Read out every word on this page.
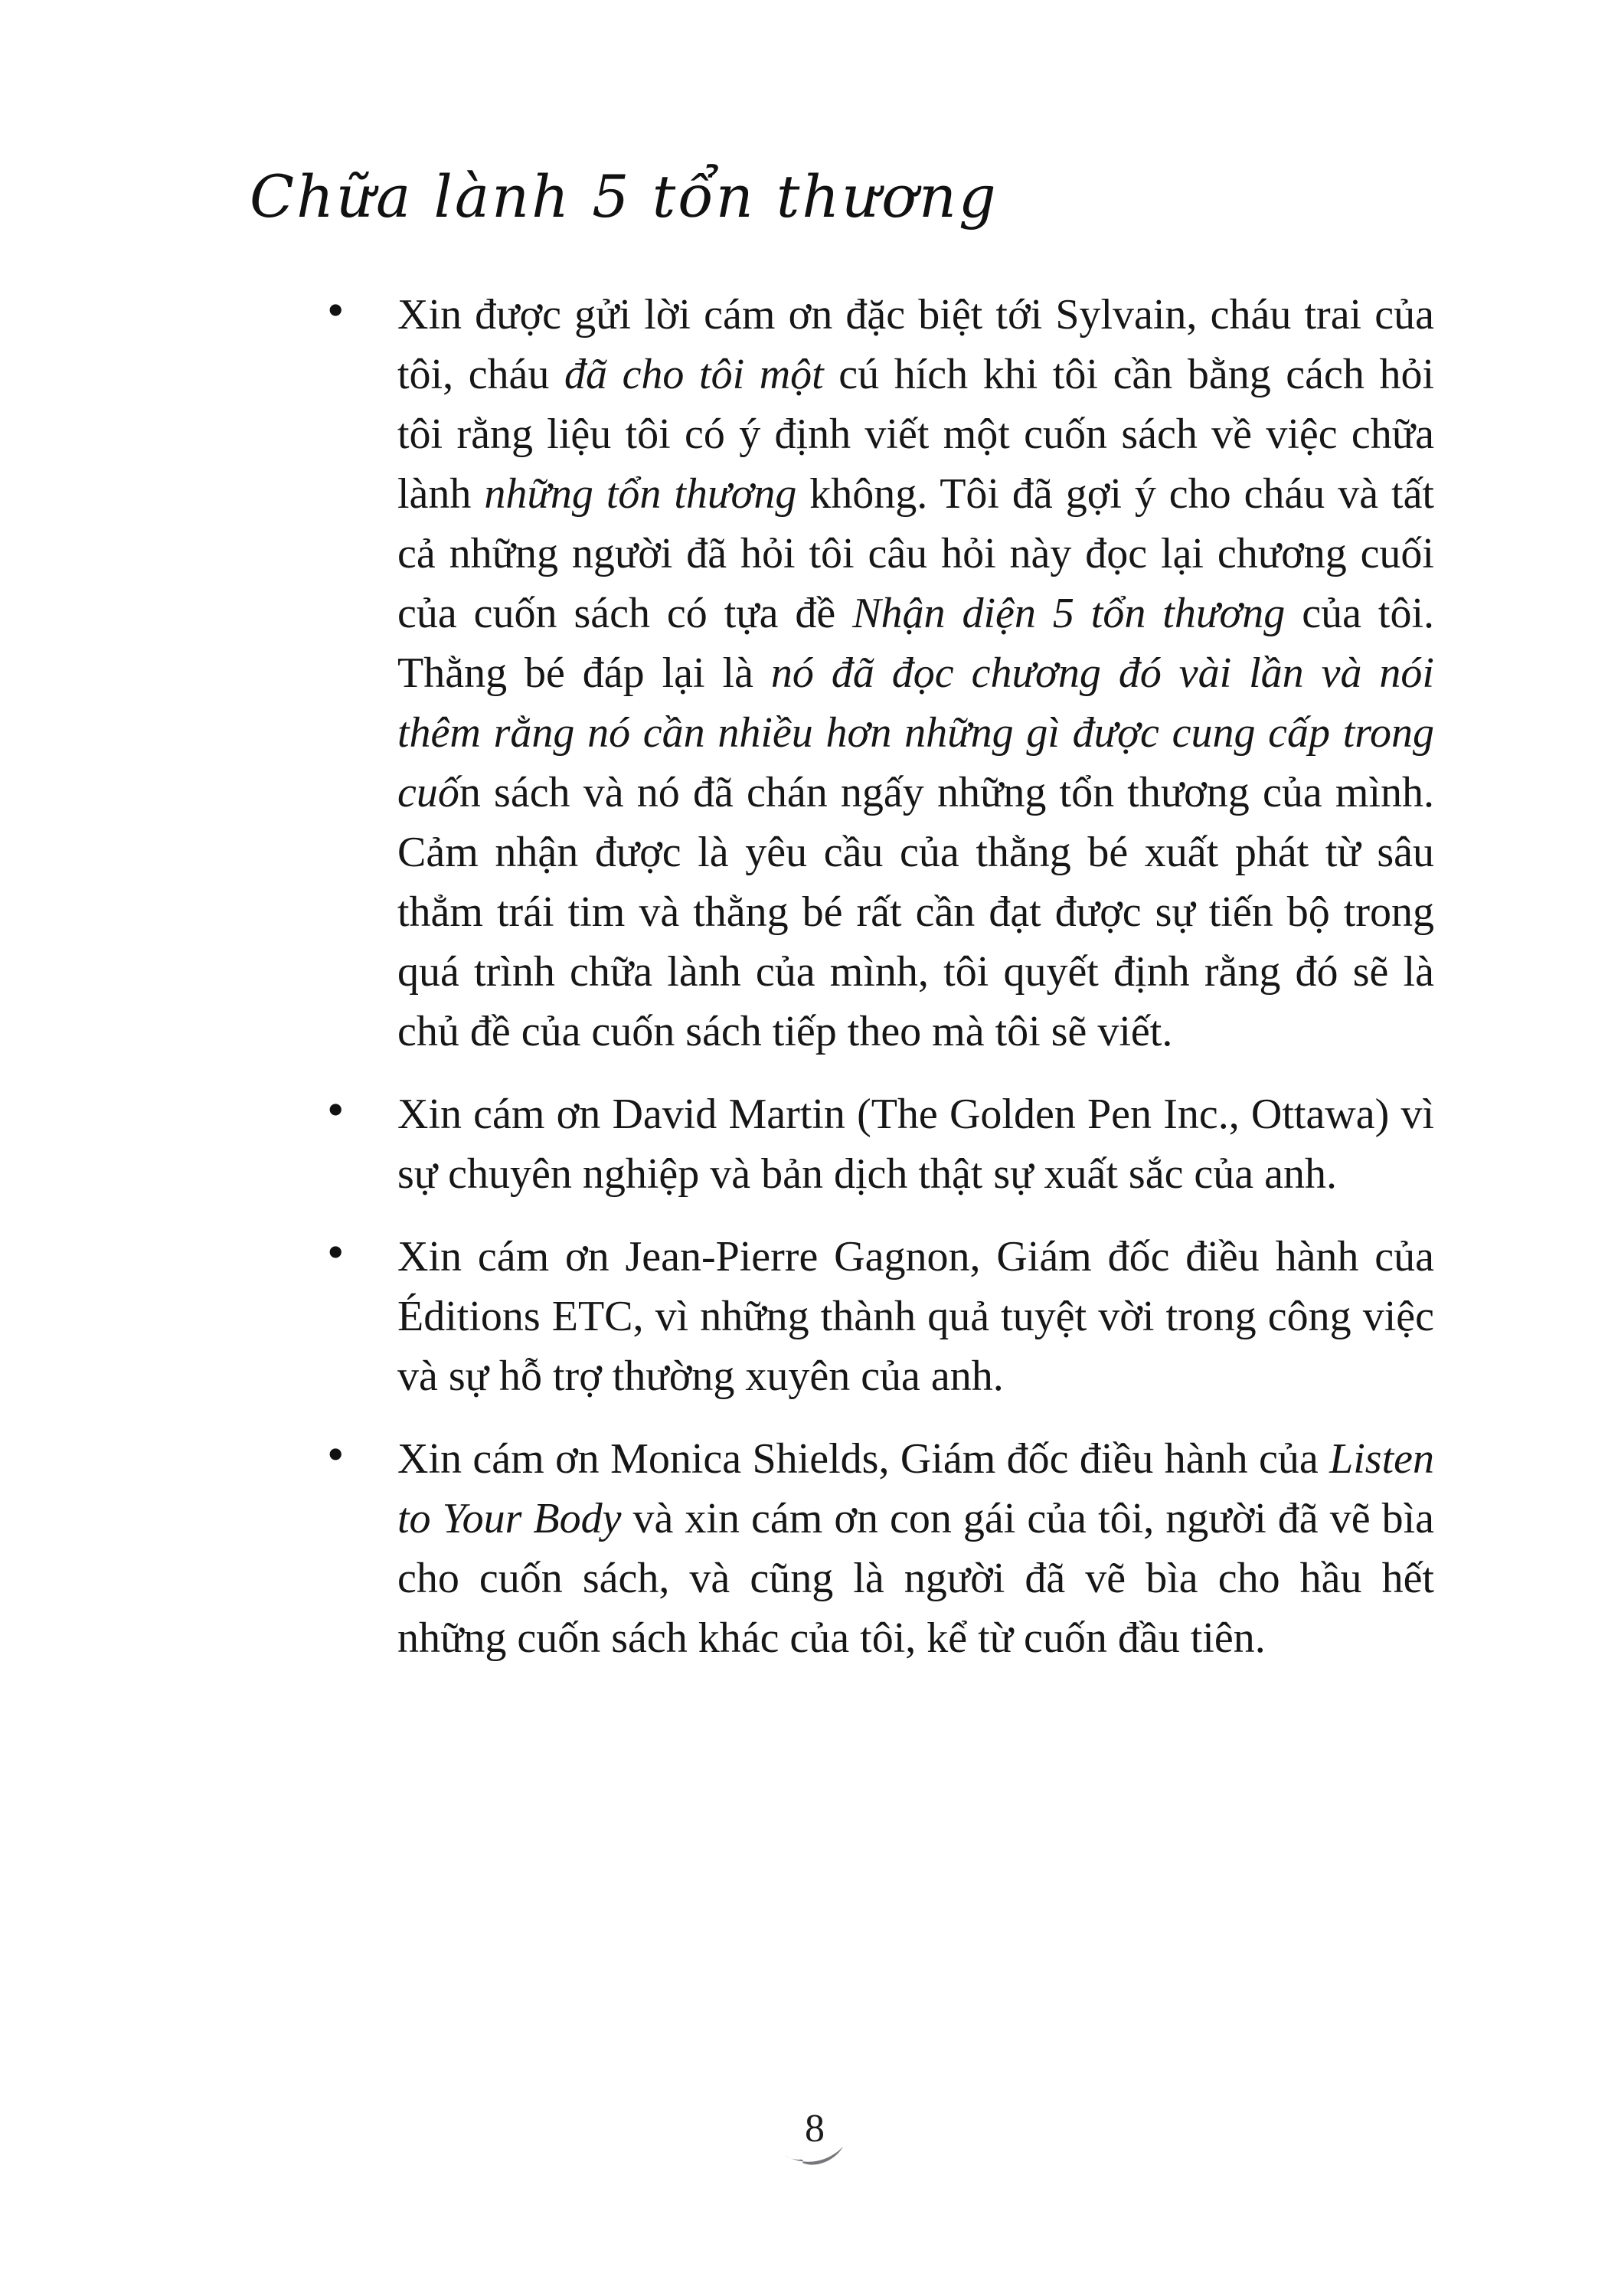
Chữa lành 5 tổn thương
• Xin được gửi lời cám ơn đặc biệt tới Sylvain, cháu trai của tôi, cháu đã cho tôi một cú hích khi tôi cần bằng cách hỏi tôi rằng liệu tôi có ý định viết một cuốn sách về việc chữa lành những tổn thương không. Tôi đã gợi ý cho cháu và tất cả những người đã hỏi tôi câu hỏi này đọc lại chương cuối của cuốn sách có tựa đề Nhận diện 5 tổn thương của tôi. Thằng bé đáp lại là nó đã đọc chương đó vài lần và nói thêm rằng nó cần nhiều hơn những gì được cung cấp trong cuốn sách và nó đã chán ngấy những tổn thương của mình. Cảm nhận được là yêu cầu của thằng bé xuất phát từ sâu thẳm trái tim và thằng bé rất cần đạt được sự tiến bộ trong quá trình chữa lành của mình, tôi quyết định rằng đó sẽ là chủ đề của cuốn sách tiếp theo mà tôi sẽ viết.
• Xin cám ơn David Martin (The Golden Pen Inc., Ottawa) vì sự chuyên nghiệp và bản dịch thật sự xuất sắc của anh.
• Xin cám ơn Jean-Pierre Gagnon, Giám đốc điều hành của Éditions ETC, vì những thành quả tuyệt vời trong công việc và sự hỗ trợ thường xuyên của anh.
• Xin cám ơn Monica Shields, Giám đốc điều hành của Listen to Your Body và xin cám ơn con gái của tôi, người đã vẽ bìa cho cuốn sách, và cũng là người đã vẽ bìa cho hầu hết những cuốn sách khác của tôi, kể từ cuốn đầu tiên.
8
